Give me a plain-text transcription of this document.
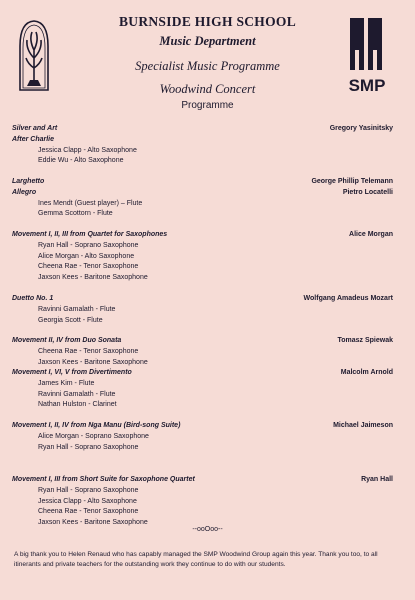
SMP
BURNSIDE HIGH SCHOOL
Music Department
Specialist Music Programme
Woodwind Concert
Programme
Silver and Art
After Charlie
Jessica Clapp - Alto Saxophone
Eddie Wu - Alto Saxophone
Gregory Yasinitsky
Larghetto
Allegro
Ines Mendt (Guest player) – Flute
Gemma Scottorn - Flute
George Phillip Telemann
Pietro Locatelli
Movement I, II, III from Quartet for Saxophones
Ryan Hall - Soprano Saxophone
Alice Morgan - Alto Saxophone
Cheena Rae - Tenor Saxophone
Jaxson Kees - Baritone Saxophone
Alice Morgan
Duetto No. 1
Ravinni Gamalath - Flute
Georgia Scott - Flute
Wolfgang Amadeus Mozart
Movement II, IV from Duo Sonata
Cheena Rae - Tenor Saxophone
Jaxson Kees - Baritone Saxophone
Tomasz Spiewak
Movement I, VI, V from Divertimento
James Kim - Flute
Ravinni Gamalath - Flute
Nathan Hulston - Clarinet
Malcolm Arnold
Movement I, II, IV from Nga Manu (Bird-song Suite)
Alice Morgan - Soprano Saxophone
Ryan Hall - Soprano Saxophone
Michael Jaimeson
Movement I, III from Short Suite for Saxophone Quartet
Ryan Hall - Soprano Saxophone
Jessica Clapp - Alto Saxophone
Cheena Rae - Tenor Saxophone
Jaxson Kees - Baritone Saxophone
Ryan Hall
--ooOoo--
A big thank you to Helen Renaud who has capably managed the SMP Woodwind Group again this year. Thank you too, to all itinerants and private teachers for the outstanding work they continue to do with our students.
